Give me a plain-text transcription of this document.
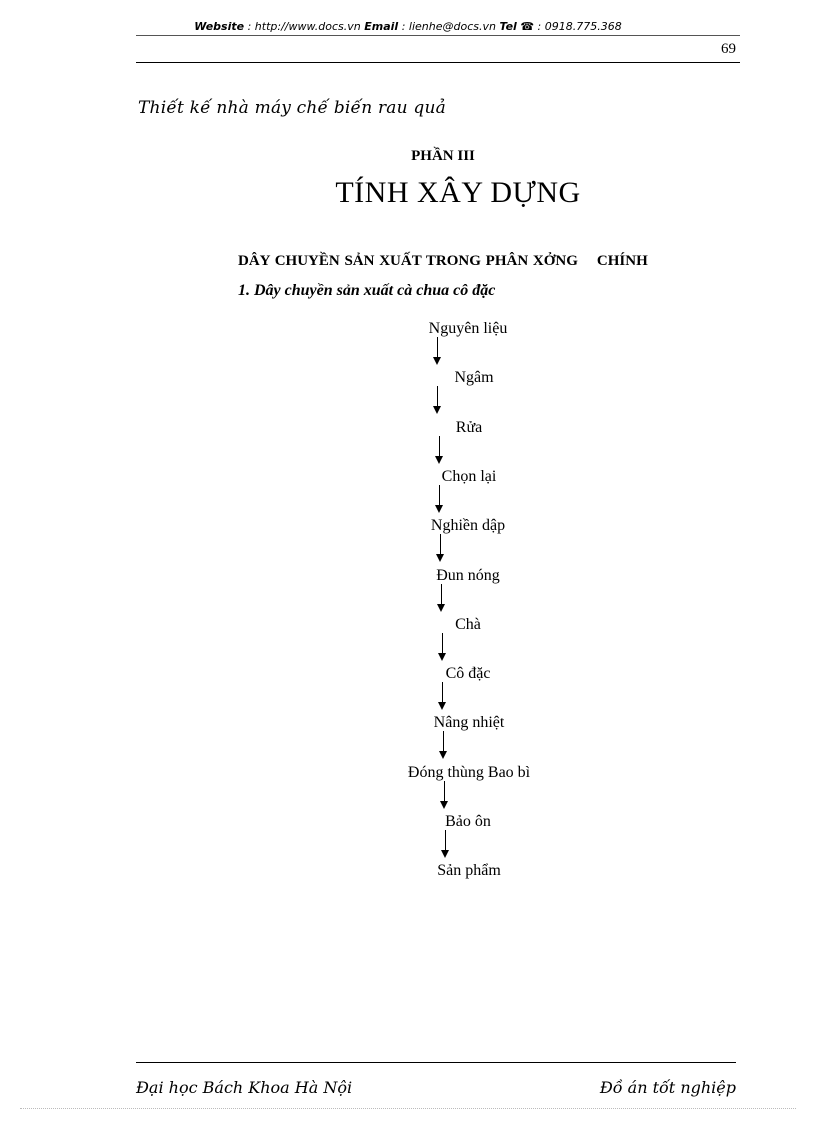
Website : http://www.docs.vn Email : lienhe@docs.vn Tel ☎ : 0918.775.368
69
Thiết kế nhà máy chế biến rau quả
PHẦN III
TÍNH XÂY DỰNG
DÂY CHUYỀN SẢN XUẤT TRONG PHÂN XỞNG    CHÍNH
1. Dây chuyền sản xuất cà chua cô đặc
Nguyên liệu
Ngâm
Rửa
Chọn lại
Nghiền dập
Đun nóng
Chà
Cô đặc
Nâng nhiệt
Đóng thùng Bao bì
Bảo ôn
Sản phẩm
Đại học Bách Khoa Hà Nội	Đồ án tốt nghiệp
